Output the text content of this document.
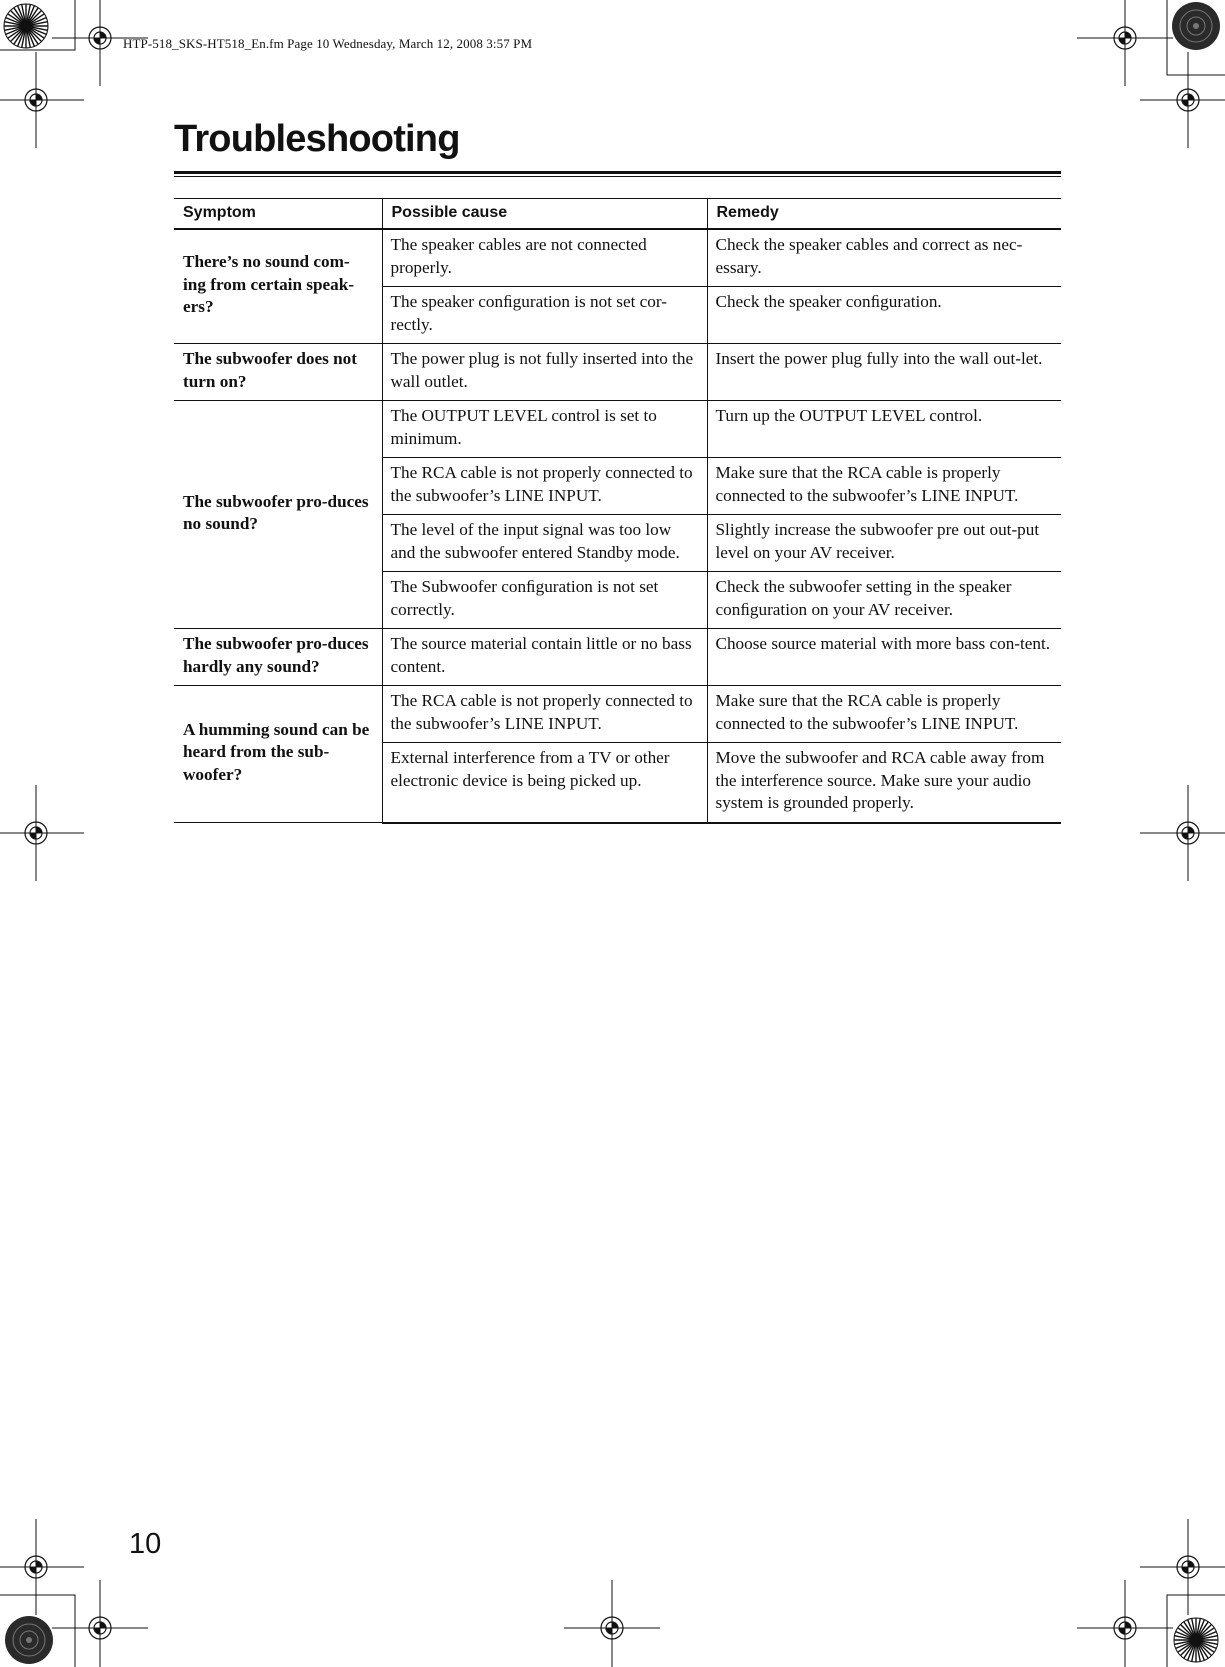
HTP-518_SKS-HT518_En.fm Page 10 Wednesday, March 12, 2008 3:57 PM
Troubleshooting
Symptom	Possible cause	Remedy
There’s no sound com-ing from certain speak-ers?	The speaker cables are not connected properly.	Check the speaker cables and correct as nec-essary.
	The speaker conﬁguration is not set cor-rectly.	Check the speaker conﬁguration.
The subwoofer does not turn on?	The power plug is not fully inserted into the wall outlet.	Insert the power plug fully into the wall out-let.
The subwoofer pro-duces no sound?	The OUTPUT LEVEL control is set to minimum.	Turn up the OUTPUT LEVEL control.
	The RCA cable is not properly connected to the subwoofer’s LINE INPUT.	Make sure that the RCA cable is properly connected to the subwoofer’s LINE INPUT.
	The level of the input signal was too low and the subwoofer entered Standby mode.	Slightly increase the subwoofer pre out out-put level on your AV receiver.
	The Subwoofer conﬁguration is not set correctly.	Check the subwoofer setting in the speaker conﬁguration on your AV receiver.
The subwoofer pro-duces hardly any sound?	The source material contain little or no bass content.	Choose source material with more bass con-tent.
A humming sound can be heard from the sub-woofer?	The RCA cable is not properly connected to the subwoofer’s LINE INPUT.	Make sure that the RCA cable is properly connected to the subwoofer’s LINE INPUT.
	External interference from a TV or other electronic device is being picked up.	Move the subwoofer and RCA cable away from the interference source. Make sure your audio system is grounded properly.
10
